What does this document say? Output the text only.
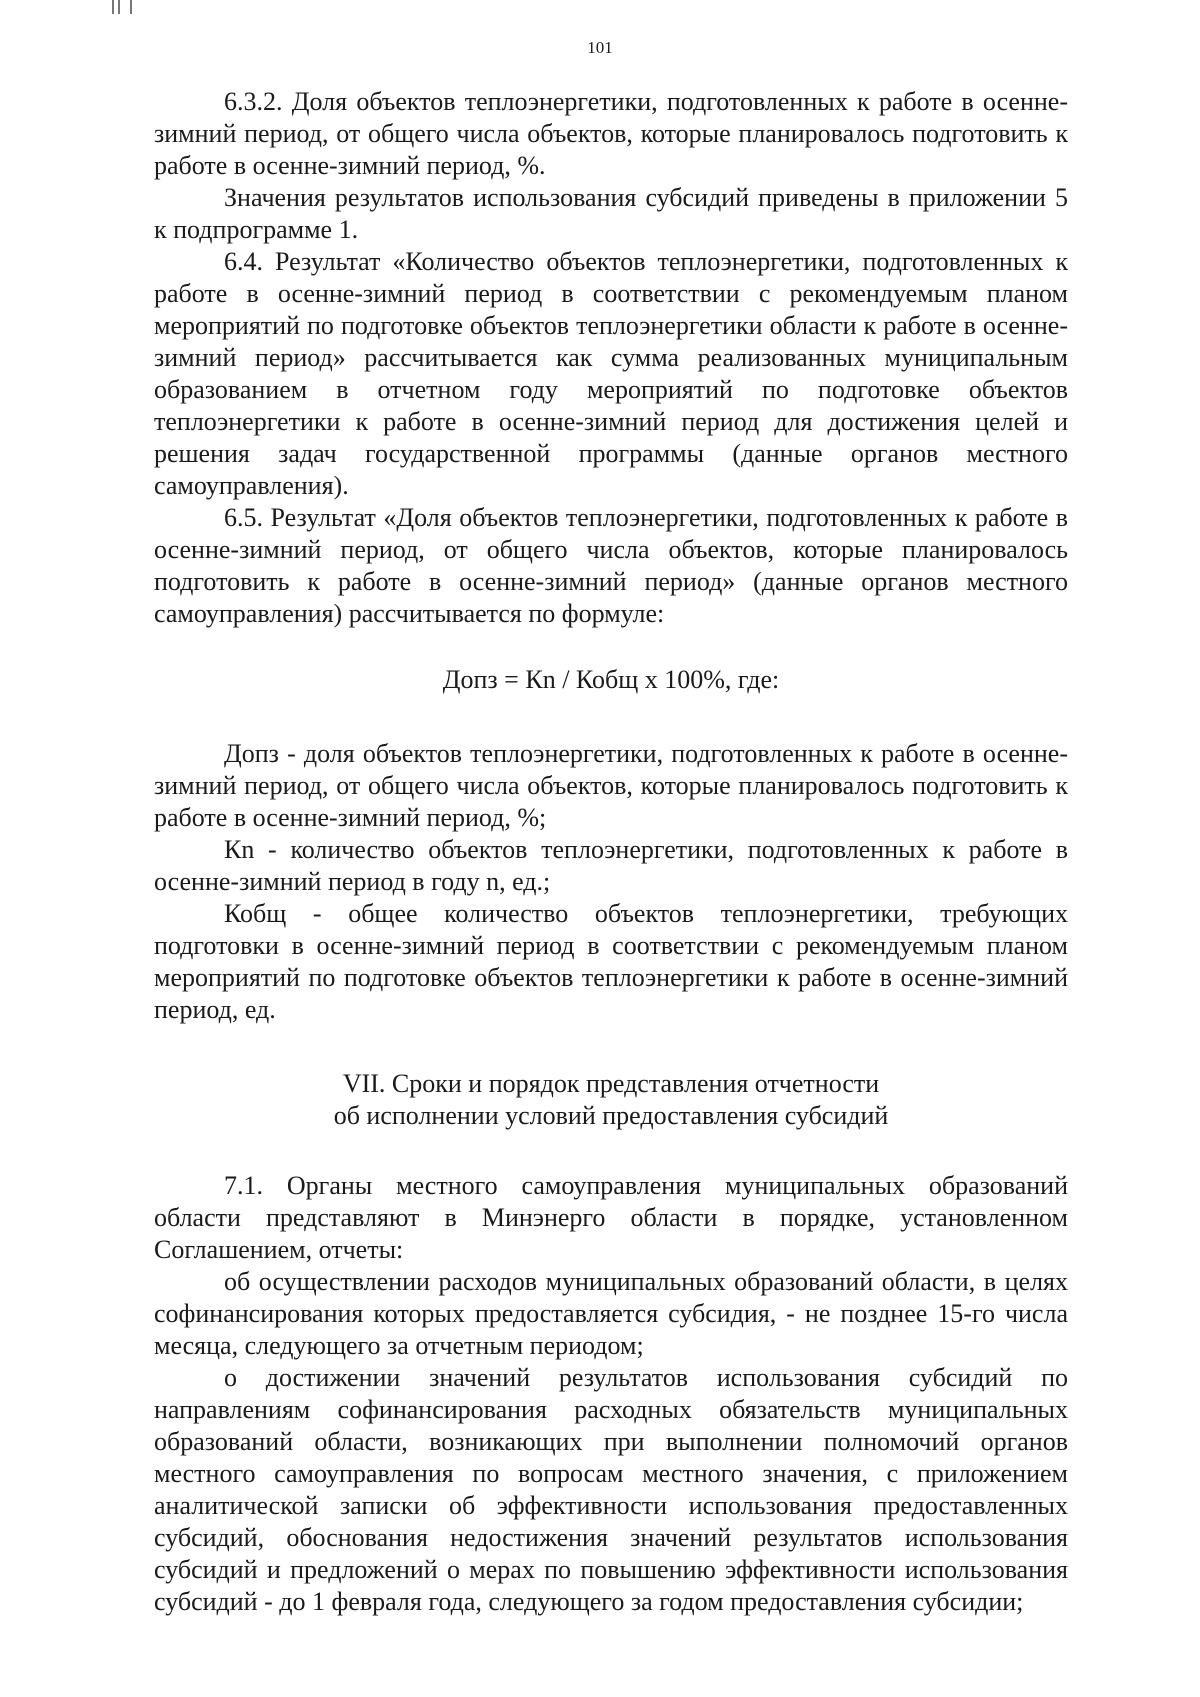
101

6.3.2. Доля объектов теплоэнергетики, подготовленных к работе в осенне-зимний период, от общего числа объектов, которые планировалось подготовить к работе в осенне-зимний период, %.

Значения результатов использования субсидий приведены в приложении 5 к подпрограмме 1.

6.4. Результат «Количество объектов теплоэнергетики, подготовленных к работе в осенне-зимний период в соответствии с рекомендуемым планом мероприятий по подготовке объектов теплоэнергетики области к работе в осенне-зимний период» рассчитывается как сумма реализованных муниципальным образованием в отчетном году мероприятий по подготовке объектов теплоэнергетики к работе в осенне-зимний период для достижения целей и решения задач государственной программы (данные органов местного самоуправления).

6.5. Результат «Доля объектов теплоэнергетики, подготовленных к работе в осенне-зимний период, от общего числа объектов, которые планировалось подготовить к работе в осенне-зимний период» (данные органов местного самоуправления) рассчитывается по формуле:

Допз = Кn / Кобщ х 100%, где:

Допз - доля объектов теплоэнергетики, подготовленных к работе в осенне-зимний период, от общего числа объектов, которые планировалось подготовить к работе в осенне-зимний период, %;

Кn - количество объектов теплоэнергетики, подготовленных к работе в осенне-зимний период в году n, ед.;

Кобщ - общее количество объектов теплоэнергетики, требующих подготовки в осенне-зимний период в соответствии с рекомендуемым планом мероприятий по подготовке объектов теплоэнергетики к работе в осенне-зимний период, ед.

VII. Сроки и порядок представления отчетности
об исполнении условий предоставления субсидий

7.1. Органы местного самоуправления муниципальных образований области представляют в Минэнерго области в порядке, установленном Соглашением, отчеты:

об осуществлении расходов муниципальных образований области, в целях софинансирования которых предоставляется субсидия, - не позднее 15-го числа месяца, следующего за отчетным периодом;

о достижении значений результатов использования субсидий по направлениям софинансирования расходных обязательств муниципальных образований области, возникающих при выполнении полномочий органов местного самоуправления по вопросам местного значения, с приложением аналитической записки об эффективности использования предоставленных субсидий, обоснования недостижения значений результатов использования субсидий и предложений о мерах по повышению эффективности использования субсидий - до 1 февраля года, следующего за годом предоставления субсидии;
